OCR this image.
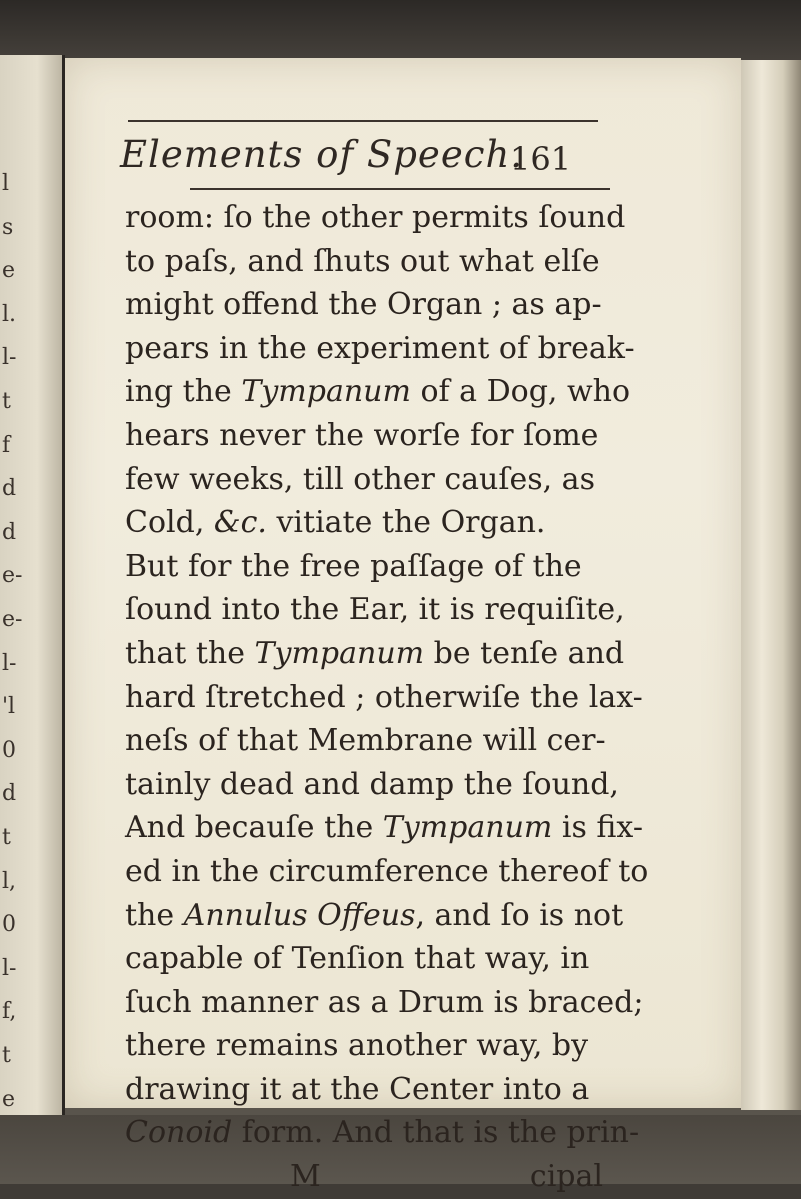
l
s
e
l.
l-
t
f
d
d
e-
e-
l-
'l
0
d
t
l,
0
l-
f,
t
e
Elements of Speech.
161
room: ſo the other permits ſound
to paſs, and ſhuts out what elſe
might offend the Organ ; as ap-
pears in the experiment of break-
ing the Tympanum of a Dog, who
hears never the worſe for ſome
few weeks, till other cauſes, as
Cold, &c. vitiate the Organ.
But for the free paſſage of the
ſound into the Ear, it is requiſite,
that the Tympanum be tenſe and
hard ſtretched ; otherwiſe the lax-
neſs of that Membrane will cer-
tainly dead and damp the ſound,
And becauſe the Tympanum is fix-
ed in the circumference thereof to
the Annulus Offeus, and ſo is not
capable of Tenſion that way, in
ſuch manner as a Drum is braced;
there remains another way, by
drawing it at the Center into a
Conoid form. And that is the prin-
M	cipal
